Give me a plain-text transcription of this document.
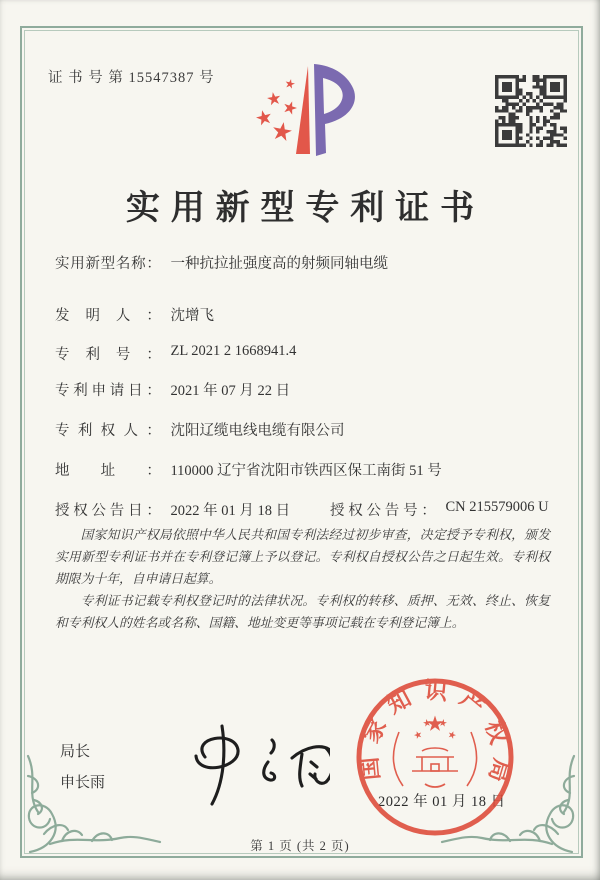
证 书 号 第 15547387 号
实用新型专利证书
实用新型名称： 一种抗拉扯强度高的射频同轴电缆
发明人： 沈增飞
专利号： ZL 2021 2 1668941.4
专利申请日： 2021 年 07 月 22 日
专利权人： 沈阳辽缆电线电缆有限公司
地址： 110000 辽宁省沈阳市铁西区保工南街 51 号
授权公告日： 2022 年 01 月 18 日	授权公告号： CN 215579006 U

国家知识产权局依照中华人民共和国专利法经过初步审查，决定授予专利权，颁发实用新型专利证书并在专利登记簿上予以登记。专利权自授权公告之日起生效。专利权期限为十年，自申请日起算。

专利证书记载专利权登记时的法律状况。专利权的转移、质押、无效、终止、恢复和专利权人的姓名或名称、国籍、地址变更等事项记载在专利登记簿上。

局长
申长雨
2022 年 01 月 18 日
国家知识产权局
第 1 页 (共 2 页)
